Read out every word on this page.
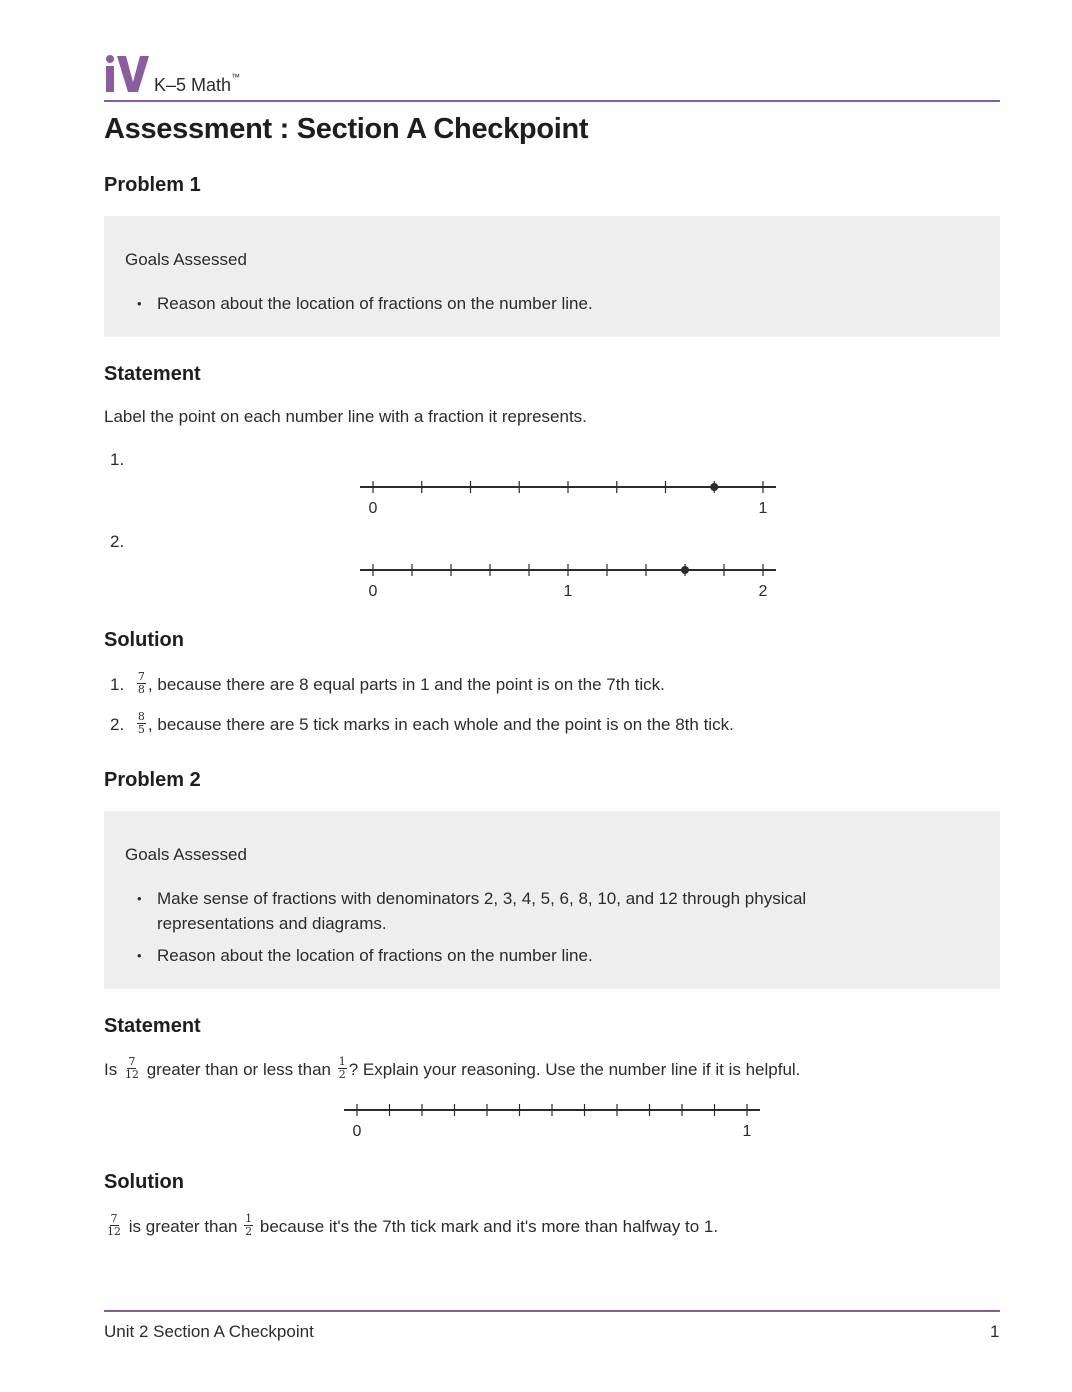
K–5 Math™
Assessment : Section A Checkpoint
Problem 1
Goals Assessed
• Reason about the location of fractions on the number line.
Statement
Label the point on each number line with a fraction it represents.
1.
0	1
2.
0	1	2
Solution
1. $\frac{7}{8}$ , because there are 8 equal parts in 1 and the point is on the 7th tick.
2. $\frac{8}{5}$ , because there are 5 tick marks in each whole and the point is on the 8th tick.
Problem 2
Goals Assessed
• Make sense of fractions with denominators 2, 3, 4, 5, 6, 8, 10, and 12 through physical representations and diagrams.
• Reason about the location of fractions on the number line.
Statement
Is $\frac{7}{12}$ greater than or less than $\frac{1}{2}$ ? Explain your reasoning. Use the number line if it is helpful.
0	1
Solution
$\frac{7}{12}$ is greater than $\frac{1}{2}$ because it's the 7th tick mark and it's more than halfway to 1.
Unit 2 Section A Checkpoint	1
